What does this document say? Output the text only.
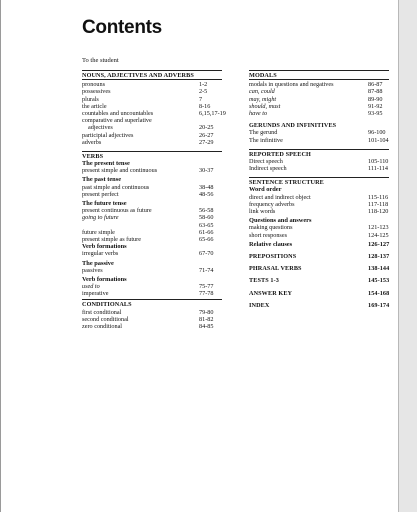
Contents
To the student
NOUNS, ADJECTIVES AND ADVERBS
pronouns	1-2
possessives	2-5
plurals	7
the article	8-16
countables and uncountables	6,15,17-19
comparative and superlative
adjectives	20-25
participial adjectives	26-27
adverbs	27-29
VERBS
The present tense
present simple and continuous	30-37
The past tense
past simple and continuous	38-48
present perfect	48-56
The future tense
present continuous as future	56-58
going to future	58-60
63-65
future simple	61-66
present simple as future	65-66
Verb formations
irregular verbs	67-70
The passive
passives	71-74
Verb formations
used to	75-77
imperative	77-78
CONDITIONALS
first conditional	79-80
second conditional	81-82
zero conditional	84-85
MODALS
modals in questions and negatives	86-87
can, could	87-88
may, might	89-90
should, must	91-92
have to	93-95
GERUNDS AND INFINITIVES
The gerund	96-100
The infinitive	101-104
REPORTED SPEECH
Direct speech	105-110
Indirect speech	111-114
SENTENCE STRUCTURE
Word order
direct and indirect object	115-116
frequency adverbs	117-118
link words	118-120
Questions and answers
making questions	121-123
short responses	124-125
Relative clauses	126-127
PREPOSITIONS	128-137
PHRASAL VERBS	138-144
TESTS 1-3	145-153
ANSWER KEY	154-168
INDEX	169-174
